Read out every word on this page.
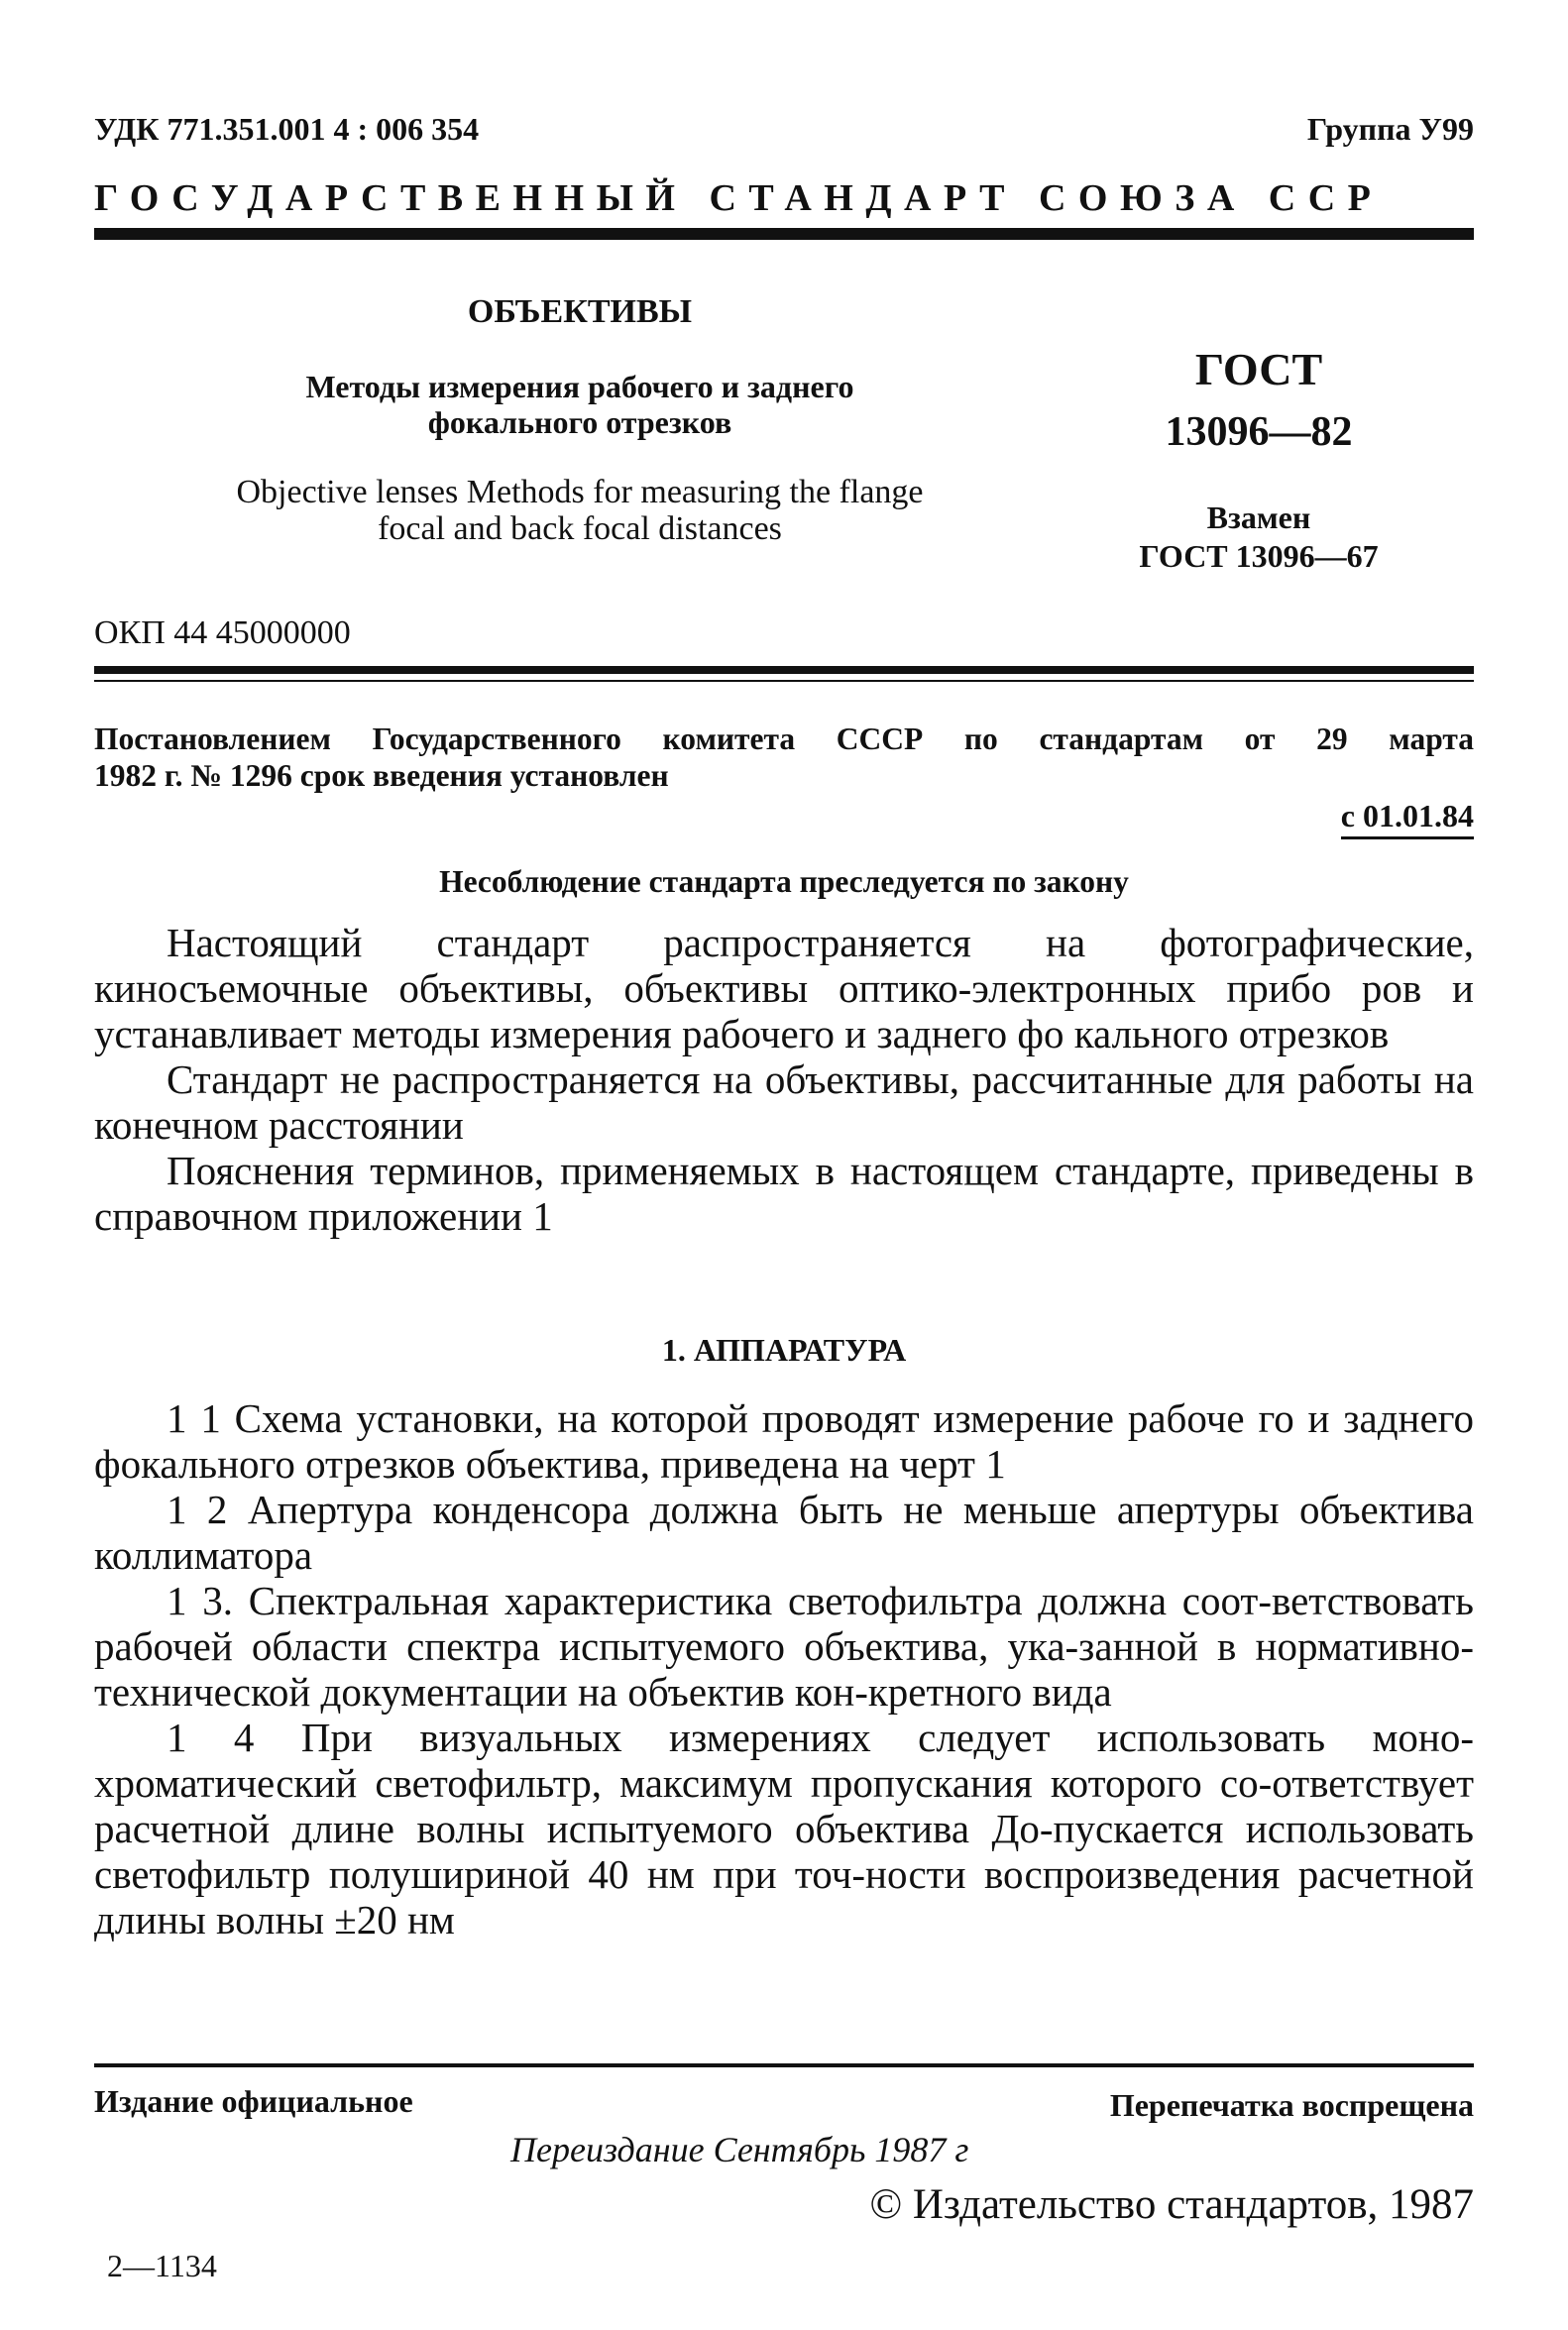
УДК 771.351.001 4 : 006 354	Группа У99
ГОСУДАРСТВЕННЫЙ СТАНДАРТ СОЮЗА ССР
ОБЪЕКТИВЫ
Методы измерения рабочего и заднего
фокального отрезков
Objective lenses Methods for measuring the flange
focal and back focal distances
ГОСТ
13096—82
Взамен
ГОСТ 13096—67
ОКП 44 45000000
Постановлением Государственного комитета СССР по стандартам от 29 марта
1982 г. № 1296 срок введения установлен
с 01.01.84
Несоблюдение стандарта преследуется по закону

Настоящий стандарт распространяется на фотографические, киносъемочные объективы, объективы оптико-электронных прибо ров и устанавливает методы измерения рабочего и заднего фо кального отрезков

Стандарт не распространяется на объективы, рассчитанные для работы на конечном расстоянии

Пояснения терминов, применяемых в настоящем стандарте, приведены в справочном приложении 1

1. АППАРАТУРА

1 1 Схема установки, на которой проводят измерение рабоче го и заднего фокального отрезков объектива, приведена на черт 1

1 2 Апертура конденсора должна быть не меньше апертуры объектива коллиматора

1 3. Спектральная характеристика светофильтра должна соот-ветствовать рабочей области спектра испытуемого объектива, ука-занной в нормативно-технической документации на объектив кон-кретного вида

1 4 При визуальных измерениях следует использовать моно-хроматический светофильтр, максимум пропускания которого со-ответствует расчетной длине волны испытуемого объектива До-пускается использовать светофильтр полушириной 40 нм при точ-ности воспроизведения расчетной длины волны ±20 нм

Издание официальное	Перепечатка воспрещена
Переиздание Сентябрь 1987 г
© Издательство стандартов, 1987
2—1134
